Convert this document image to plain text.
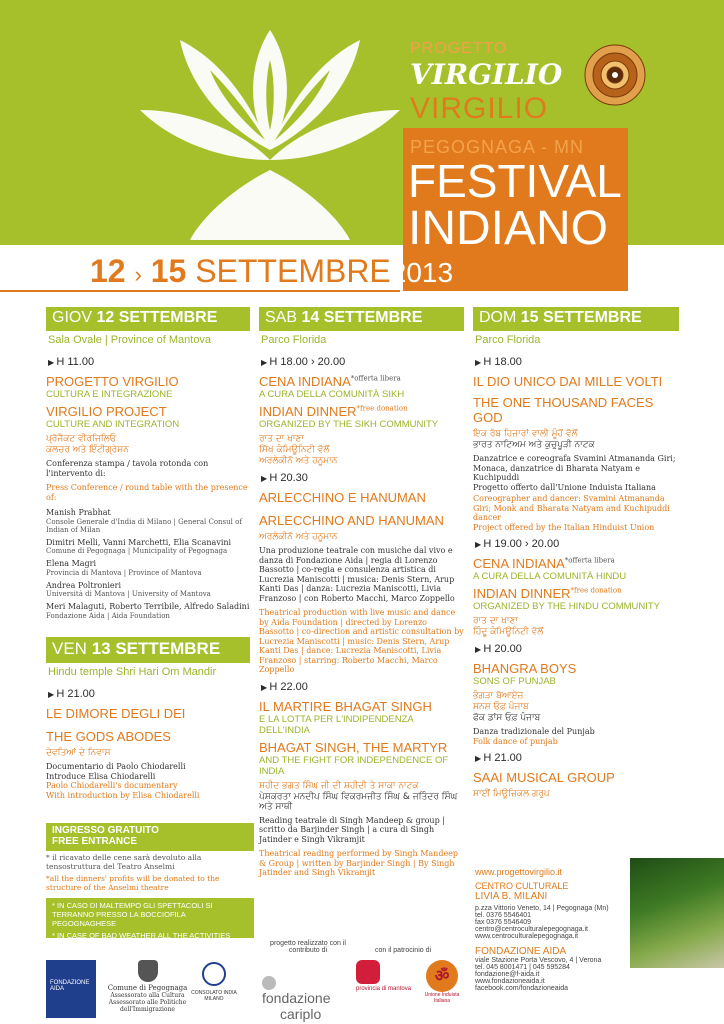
PROGETTO
VIRGILIO
VIRGILIO
PEGOGNAGA - MN
FESTIVAL
INDIANO
12 › 15 SETTEMBRE2013
GIOV 12 SETTEMBRE
Sala Ovale | Province of Mantova
▶ H 11.00
PROGETTO VIRGILIO
CULTURA E INTEGRAZIONE
VIRGILIO PROJECT
CULTURE AND INTEGRATION
ਪ੍ਰੋਜੈਕਟ ਵੀਰਜਿਲਿਓ
ਕਲਚਰ ਅਤੇ ਇੰਟੀਗ੍ਰੇਸ਼ਨ
Conferenza stampa / tavola rotonda con l'intervento di:
Press Conference / round table with the presence of:
Manish Prabhat
Console Generale d'India di Milano | General Consul of Indian of Milan
Dimitri Melli, Vanni Marchetti, Elia Scanavini
Comune di Pegognaga | Municipality of Pegognaga
Elena Magri
Provincia di Mantova | Province of Mantova
Andrea Poltronieri
Università di Mantova | University of Mantova
Meri Malaguti, Roberto Terribile, Alfredo Saladini
Fondazione Aida | Aida Foundation
VEN 13 SETTEMBRE
Hindu temple Shri Hari Om Mandir
▶ H 21.00
LE DIMORE DEGLI DEI
THE GODS ABODES
ਦੇਵਤਿਆਂ ਦੇ ਨਿਵਾਸ
Documentario di Paolo Chiodarelli
Introduce Elisa Chiodarelli
Paolo Chiodarelli's documentary
With introduction by Elisa Chiodarelli
INGRESSO GRATUITO
FREE ENTRANCE
* il ricavato delle cene sarà devoluto alla tensostruttura del Teatro Anselmi
*all the dinners' profits will be donated to the structure of the Anselmi theatre
* IN CASO DI MALTEMPO GLI SPETTACOLI SI TERRANNO PRESSO LA BOCCIOFILA PEGOGNAGHESE
* IN CASE OF BAD WEATHER ALL THE ACTIVITIES WILL BE REALIZED AT BOCCIOFILA PEGOGNAGHESE
SAB 14 SETTEMBRE
Parco Florida
▶ H 18.00 › 20.00
CENA INDIANA$^{*offerta libera}$
A CURA DELLA COMUNITÀ SIKH
INDIAN DINNER$^{*free donation}$
ORGANIZED BY THE SIKH COMMUNITY
ਰਾਤ ਦਾ ਖਾਣਾ
ਸਿੱਖ ਕੰਮਿਊਨਿਟੀ ਵੱਲੋਂ
ਅਰਲੇਕੀਨੋ ਅਤੇ ਹਨੂਮਾਨ
▶ H 20.30
ARLECCHINO E HANUMAN
ARLECCHINO AND HANUMAN
ਅਰਲੇਕੀਨੋ ਅਤੇ ਹਨੂਮਾਨ
Una produzione teatrale con musiche dal vivo e danza di Fondazione Aida | regia di Lorenzo Bassotto | co-regia e consulenza artistica di Lucrezia Maniscotti | musica: Denis Stern, Arup Kanti Das | danza: Lucrezia Maniscotti, Livia Franzoso | con Roberto Macchi, Marco Zoppello
Theatrical production with live music and dance by Aida Foundation | directed by Lorenzo Bassotto | co-direction and artistic consultation by Lucrezia Maniscotti | music: Denis Stern, Arup Kanti Das | dance: Lucrezia Maniscotti, Livia Franzoso | starring: Roberto Macchi, Marco Zoppello
▶ H 22.00
IL MARTIRE BHAGAT SINGH
E LA LOTTA PER L'INDIPENDENZA DELL'INDIA
BHAGAT SINGH, THE MARTYR
AND THE FIGHT FOR INDEPENDENCE OF INDIA
ਸ਼ਹੀਦ ਭਗਤ ਸਿੰਘ ਜੀ ਦੀ ਸ਼ਹੀਦੀ ਤੇ ਸਾਕਾ ਨਾਟਕ
ਪੇਸ਼ਕਰਤਾ ਮਨਦੀਪ ਸਿੰਘ ਵਿਕਰਮਜੀਤ ਸਿੰਘ & ਜਤਿੰਦਰ ਸਿੰਘ ਅਤੇ ਸਾਥੀ
Reading teatrale di Singh Mandeep & group | scritto da Barjinder Singh | a cura di Singh Jatinder e Singh Vikramjit
Theatrical reading performed by Singh Mandeep & Group | written by Barjinder Singh | By Singh Jatinder and Singh Vikramjit
DOM 15 SETTEMBRE
Parco Florida
▶ H 18.00
IL DIO UNICO DAI MILLE VOLTI
THE ONE THOUSAND FACES GOD
ਇਕ ਰੱਬ ਹਿਜ਼ਾਰਾਂ ਵਾਲੀ ਮੂੰਹੋਂ ਵੱਲੋਂ
ਭਾਰਤ ਨਾਟਿਅਮ ਅਤੇ ਕੁਚੁਪੂੜੀ ਨਾਟਕ
Danzatrice e coreografa Svamini Atmananda Giri; Monaca, danzatrice di Bharata Natyam e Kuchipuddi
Progetto offerto dall'Unione Induista Italiana
Coreographer and dancer: Svamini Atmananda Giri; Monk and Bharata Natyam and Kuchipuddi dancer
Project offered by the Italian Hinduist Union
▶ H 19.00 › 20.00
CENA INDIANA$^{*offerta libera}$
A CURA DELLA COMUNITÀ HINDU
INDIAN DINNER$^{*free donation}$
ORGANIZED BY THE HINDU COMMUNITY
ਰਾਤ ਦਾ ਖਾਣਾ
ਹਿੰਦੂ ਕੰਮਿਊਨਿਟੀ ਵੱਲੋਂ
▶ H 20.00
BHANGRA BOYS
SONS OF PUNJAB
ਭੰਗੜਾ ਬੋਆਏਜ਼
ਸਨਸ ਓਫ਼ ਪੰਜਾਬ
ਫੋਕ ਡਾਂਸ ਓਫ਼ ਪੰਜਾਬ
Danza tradizionale del Punjab
Folk dance of punjab
▶ H 21.00
SAAI MUSICAL GROUP
ਸਾਈਂ ਮਿਊਜ਼ਿਕਲ ਗਰੁਪ
www.progettovirgilio.it
CENTRO CULTURALE
LIVIA B. MILANI
p.zza Vittorio Veneto, 14 | Pegognaga (Mn)
tel. 0376 5546401
fax 0376 5546409
centro@centroculturalepegognaga.it
www.centroculturalepegognaga.it
FONDAZIONE AIDA
viale Stazione Porta Vescovo, 4 | Verona
tel. 045 8001471 | 045 595284
fondazione@f-aida.it
www.fondazioneaida.it
facebook.com/fondazioneaida
progetto realizzato con il contributo di	con il patrocinio di
FONDAZIONE AIDA	Comune di Pegognaga
Assessorato alla Cultura Assessorato alle Politiche dell'Immigrazione
CONSOLATO INDIA MILANO	fondazione
cariplo
provincia di mantova
ॐ
Unione Induista Italiana
